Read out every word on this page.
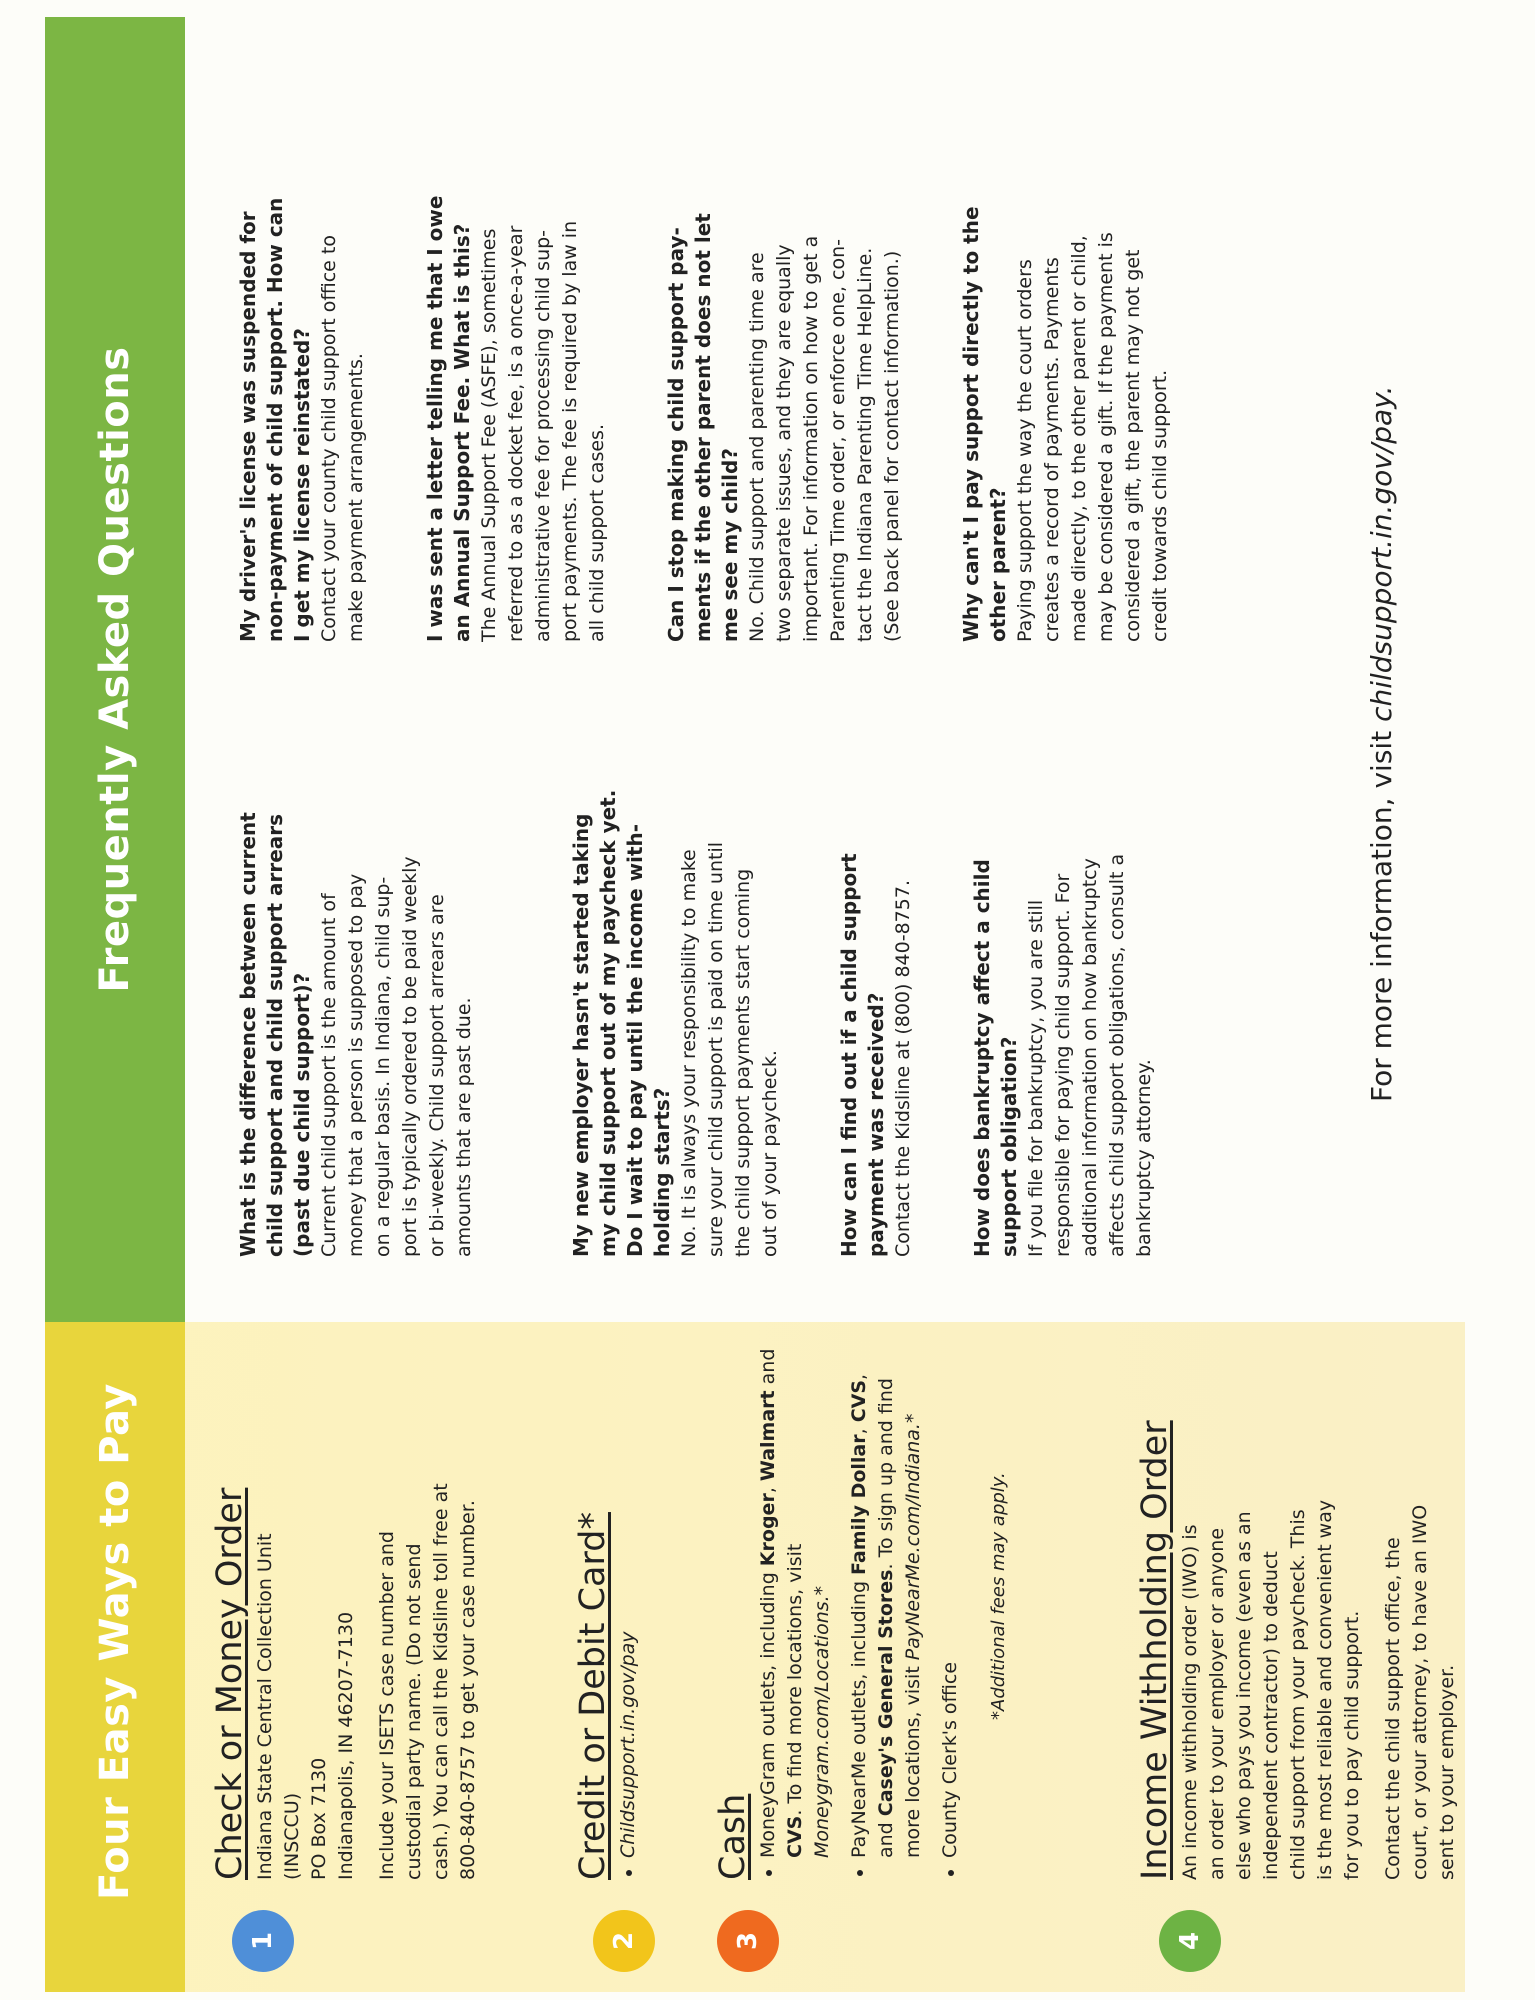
Four Easy Ways to Pay
1
Check or Money Order Indiana State Central Collection Unit (INSCCU) PO Box 7130 Indianapolis, IN 46207-7130 Include your ISETS case number and custodial party name. (Do not send cash.) You can call the Kidsline toll free at 800-840-8757 to get your case number.
2
Credit or Debit Card* • Childsupport.in.gov/pay
3
Cash • MoneyGram outlets, including Kroger, Walmart and CVS. To find more locations, visit Moneygram.com/Locations.* • PayNearMe outlets, including Family Dollar, CVS, and Casey's General Stores. To sign up and find more locations, visit PayNearMe.com/Indiana.*
• County Clerk's office
*Additional fees may apply.
4
Income Withholding Order An income withholding order (IWO) is an order to your employer or anyone else who pays you income (even as an independent contractor) to deduct child support from your paycheck. This is the most reliable and convenient way for you to pay child support. Contact the child support office, the court, or your attorney, to have an IWO sent to your employer.
Frequently Asked Questions
What is the difference between current child support and child support arrears (past due child support)? Current child support is the amount of money that a person is supposed to pay on a regular basis. In Indiana, child sup- port is typically ordered to be paid weekly or bi-weekly. Child support arrears are amounts that are past due.	My new employer hasn't started taking my child support out of my paycheck yet. Do I wait to pay until the income with- holding starts? No. It is always your responsibility to make sure your child support is paid on time until the child support payments start coming out of your paycheck.	How can I find out if a child support payment was received? Contact the Kidsline at (800) 840-8757.	How does bankruptcy affect a child support obligation? If you file for bankruptcy, you are still responsible for paying child support. For additional information on how bankruptcy affects child support obligations, consult a bankruptcy attorney.
My driver's license was suspended for non-payment of child support. How can I get my license reinstated? Contact your county child support office to make payment arrangements.	I was sent a letter telling me that I owe an Annual Support Fee. What is this? The Annual Support Fee (ASFE), sometimes referred to as a docket fee, is a once-a-year administrative fee for processing child sup- port payments. The fee is required by law in all child support cases.	Can I stop making child support pay- ments if the other parent does not let me see my child? No. Child support and parenting time are two separate issues, and they are equally important. For information on how to get a Parenting Time order, or enforce one, con- tact the Indiana Parenting Time HelpLine. (See back panel for contact information.)	Why can't I pay support directly to the other parent? Paying support the way the court orders creates a record of payments. Payments made directly, to the other parent or child, may be considered a gift. If the payment is considered a gift, the parent may not get credit towards child support.
For more information, visit childsupport.in.gov/pay.
